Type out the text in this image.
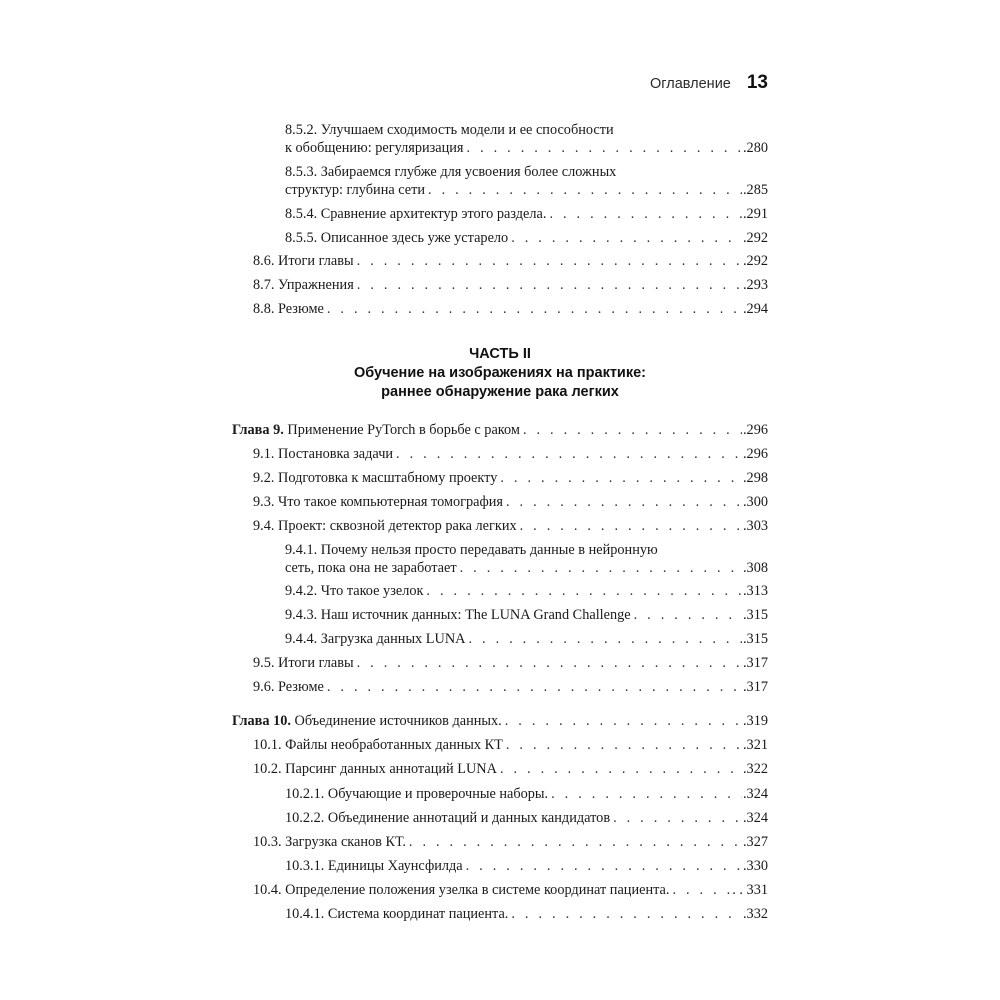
Оглавление 13
8.5.2. Улучшаем сходимость модели и ее способности
к обобщению: регуляризация . . .	.280
8.5.3. Забираемся глубже для усвоения более сложных
структур: глубина сети . . .	.285
8.5.4. Сравнение архитектур этого раздела. . . .	.291
8.5.5. Описанное здесь уже устарело . . .	.292
8.6. Итоги главы . . .	.292
8.7. Упражнения . . .	.293
8.8. Резюме . . .	.294
ЧАСТЬ II
Обучение на изображениях на практике:
раннее обнаружение рака легких
Глава 9. Применение PyTorch в борьбе с раком . . .	.296
9.1. Постановка задачи . . .	.296
9.2. Подготовка к масштабному проекту . . .	.298
9.3. Что такое компьютерная томография . . .	.300
9.4. Проект: сквозной детектор рака легких . . .	.303
9.4.1. Почему нельзя просто передавать данные в нейронную
сеть, пока она не заработает . . .	.308
9.4.2. Что такое узелок . . .	.313
9.4.3. Наш источник данных: The LUNA Grand Challenge . . .	.315
9.4.4. Загрузка данных LUNA . . .	.315
9.5. Итоги главы . . .	.317
9.6. Резюме . . .	.317
Глава 10. Объединение источников данных. . . .	.319
10.1. Файлы необработанных данных КТ . . .	.321
10.2. Парсинг данных аннотаций LUNA . . .	.322
10.2.1. Обучающие и проверочные наборы. . . .	.324
10.2.2. Объединение аннотаций и данных кандидатов . . .	.324
10.3. Загрузка сканов КТ. . . .	.327
10.3.1. Единицы Хаунсфилда . . .	.330
10.4. Определение положения узелка в системе координат пациента. . . .	. . 331
10.4.1. Система координат пациента. . . .	.332
